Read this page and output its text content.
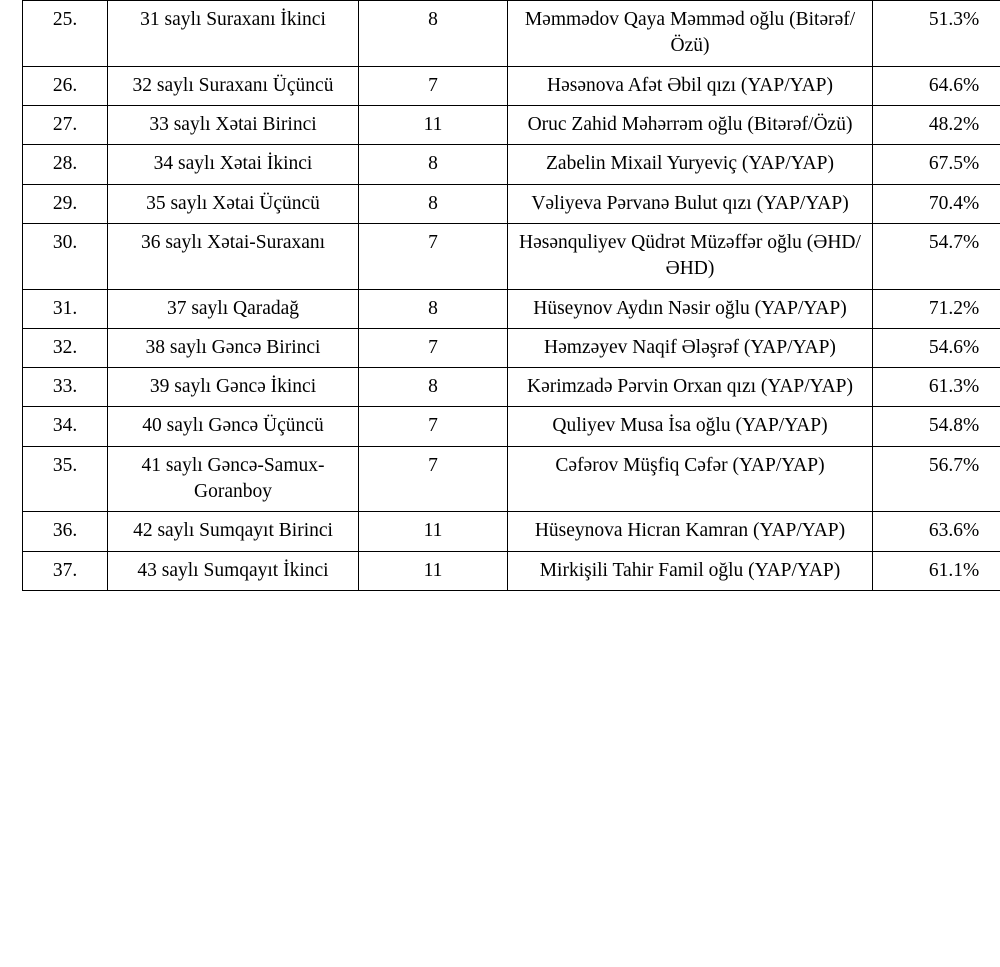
25.	31 saylı Suraxanı İkinci	8	Məmmədov Qaya Məmməd oğlu (Bitərəf/Özü)	51.3%
26.	32 saylı Suraxanı Üçüncü	7	Həsənova Afət Əbil qızı (YAP/YAP)	64.6%
27.	33 saylı Xətai Birinci	11	Oruc Zahid Məhərrəm oğlu (Bitərəf/Özü)	48.2%
28.	34 saylı Xətai İkinci	8	Zabelin Mixail Yuryeviç (YAP/YAP)	67.5%
29.	35 saylı Xətai Üçüncü	8	Vəliyeva Pərvanə Bulut qızı (YAP/YAP)	70.4%
30.	36 saylı Xətai-Suraxanı	7	Həsənquliyev Qüdrət Müzəffər oğlu (ƏHD/ƏHD)	54.7%
31.	37 saylı Qaradağ	8	Hüseynov Aydın Nəsir oğlu (YAP/YAP)	71.2%
32.	38 saylı Gəncə Birinci	7	Həmzəyev Naqif Ələşrəf (YAP/YAP)	54.6%
33.	39 saylı Gəncə İkinci	8	Kərimzadə Pərvin Orxan qızı (YAP/YAP)	61.3%
34.	40 saylı Gəncə Üçüncü	7	Quliyev Musa İsa oğlu (YAP/YAP)	54.8%
35.	41 saylı Gəncə-Samux-Goranboy	7	Cəfərov Müşfiq Cəfər (YAP/YAP)	56.7%
36.	42 saylı Sumqayıt Birinci	11	Hüseynova Hicran Kamran (YAP/YAP)	63.6%
37.	43 saylı Sumqayıt İkinci	11	Mirkişili Tahir Famil oğlu (YAP/YAP)	61.1%
